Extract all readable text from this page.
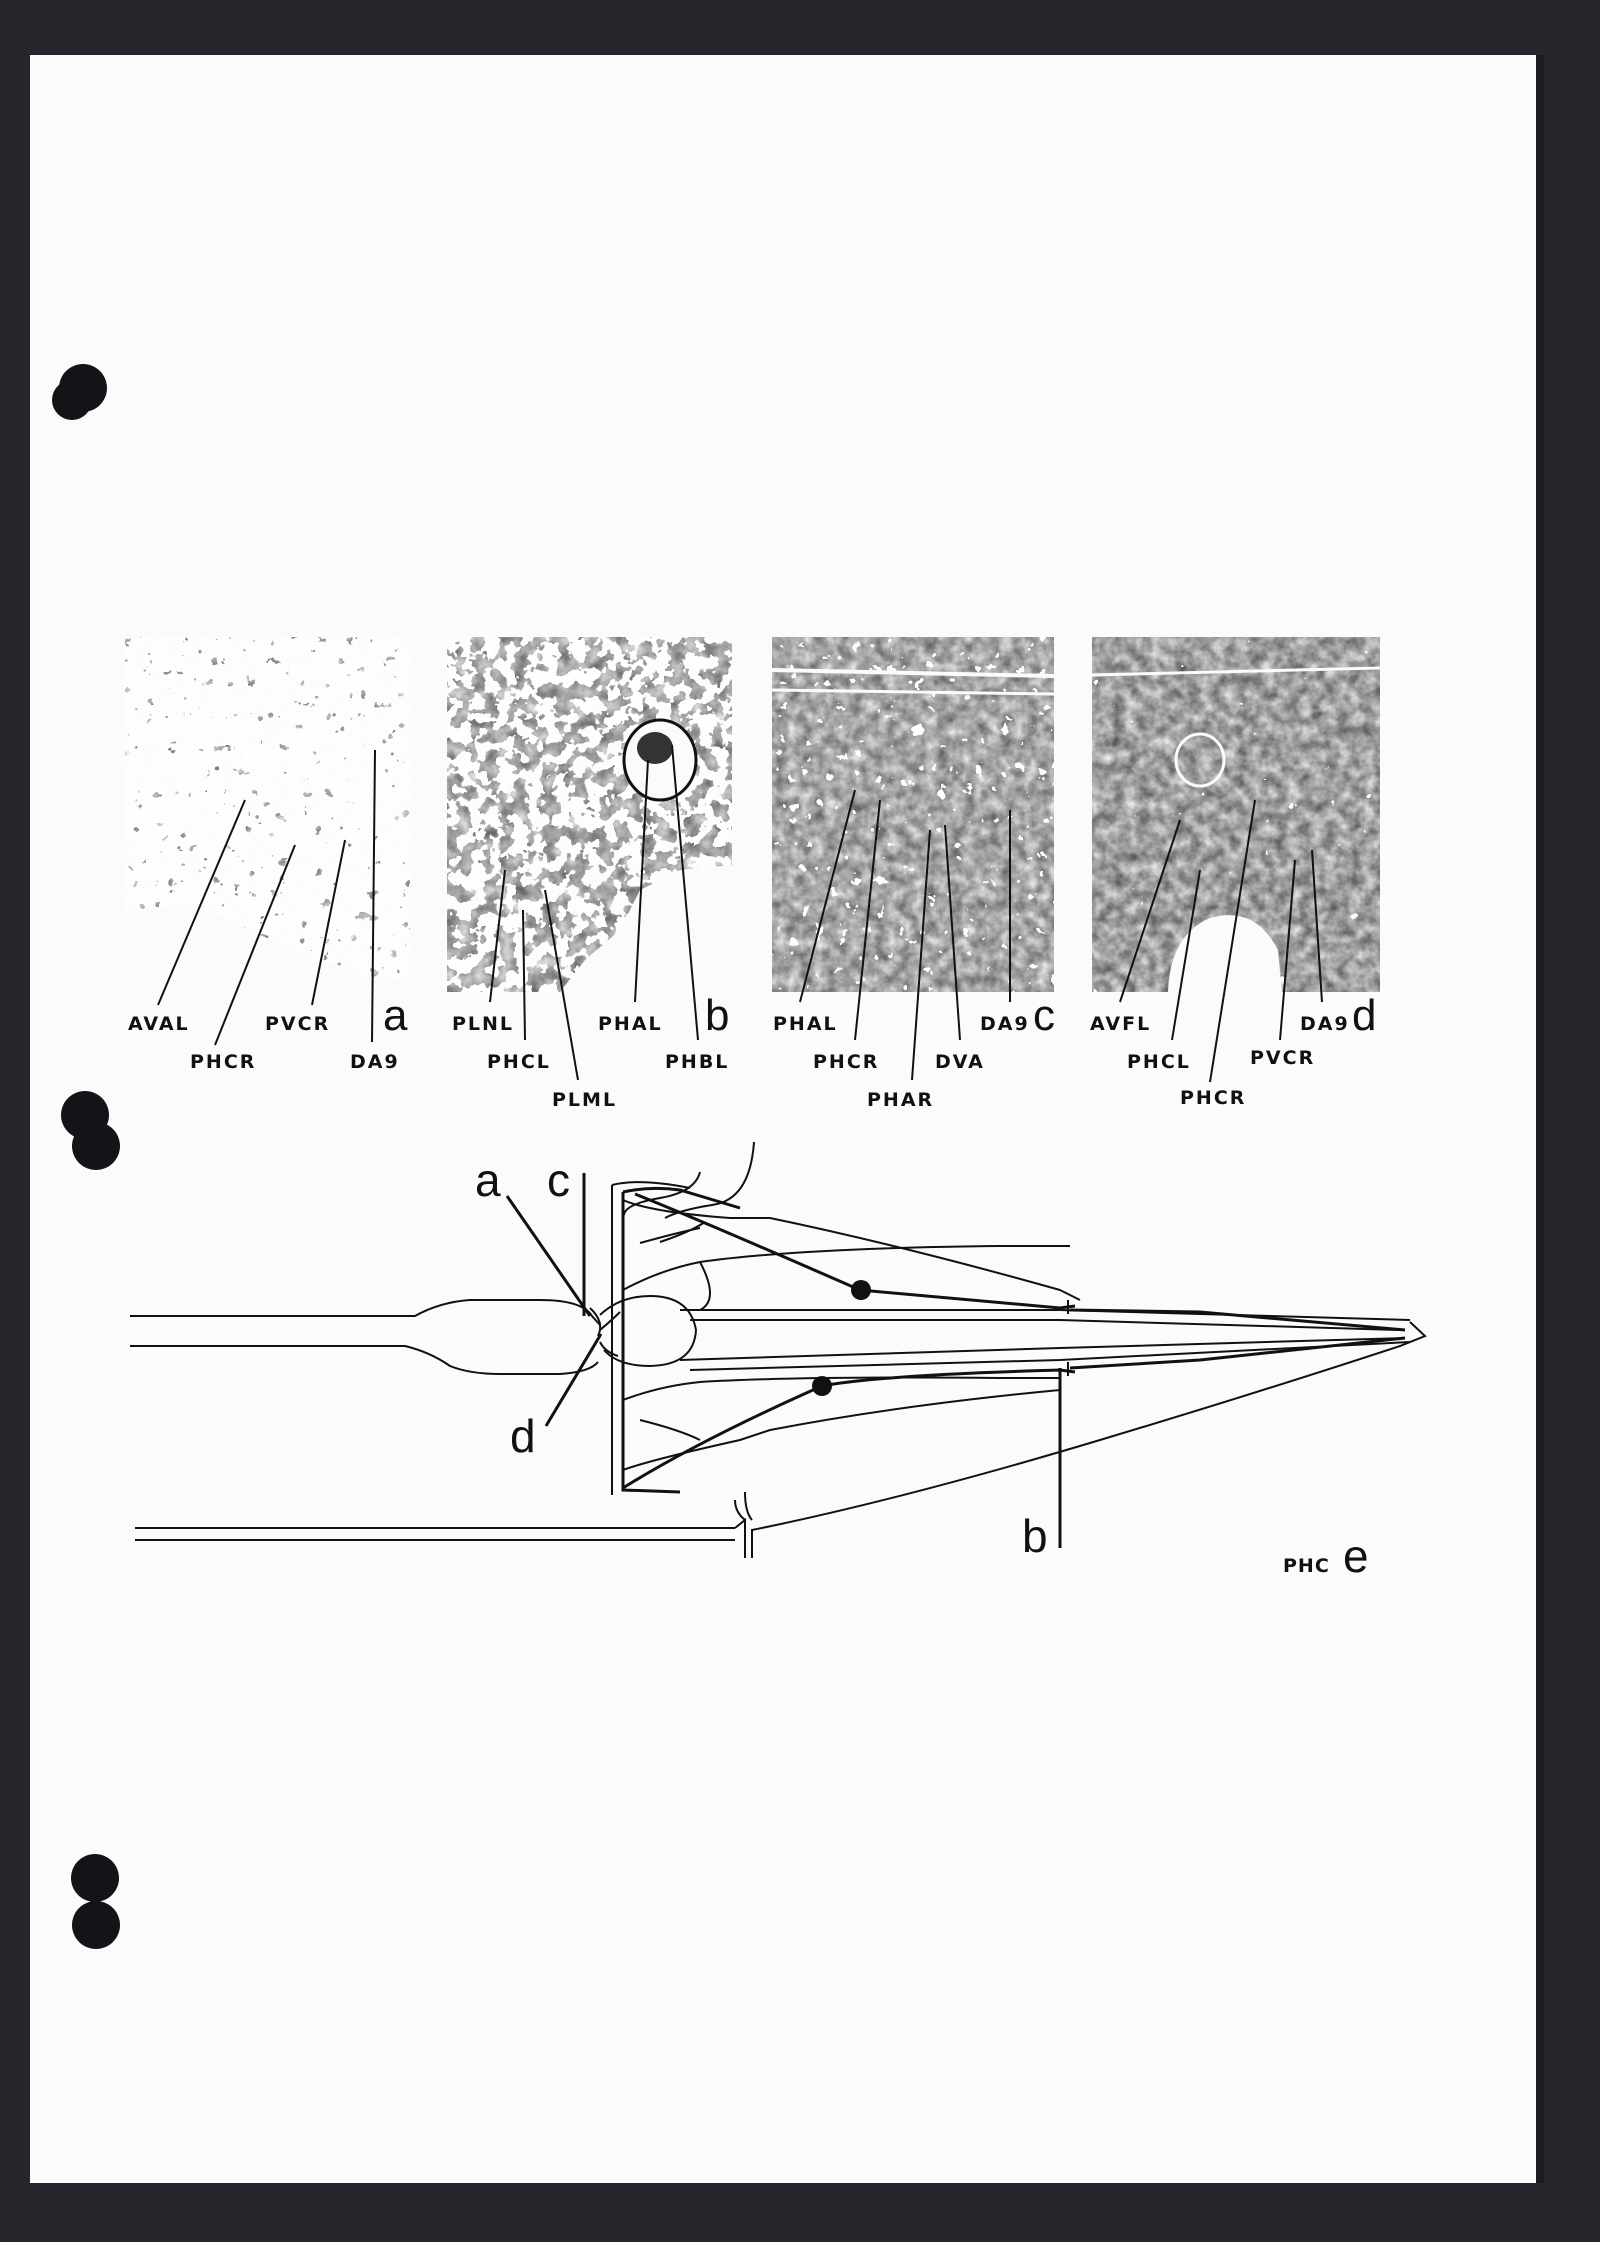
AVAL
PHCR
PVCR
DA9
a PLNL
PHCL
PLML
PHAL
PHBL
b PHAL
PHCR
PHAR
DVA
DA9 c AVFL
PHCL
PHCR
PVCR
DA9 d
a c
d
b
PHC e
